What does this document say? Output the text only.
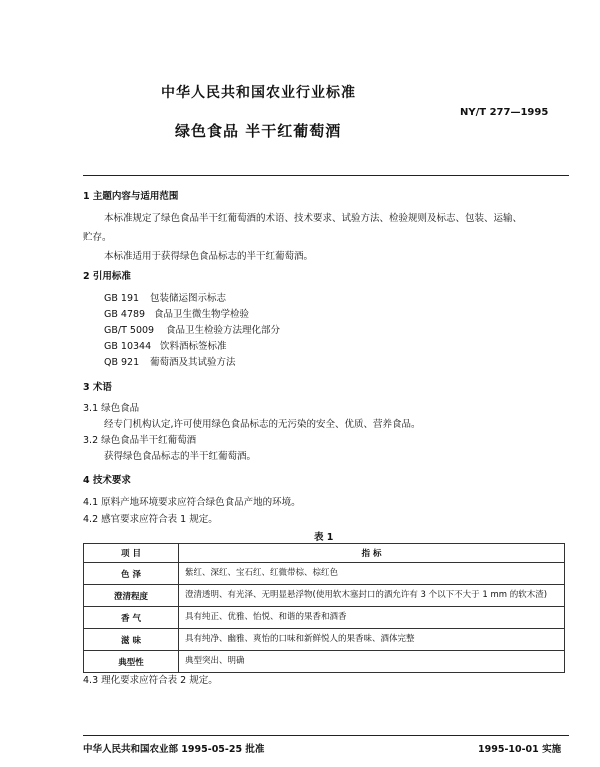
中华人民共和国农业行业标准
NY/T 277—1995
绿色食品 半干红葡萄酒
1 主题内容与适用范围
本标准规定了绿色食品半干红葡萄酒的术语、技术要求、试验方法、检验规则及标志、包装、运输、
贮存。
本标准适用于获得绿色食品标志的半干红葡萄酒。
2 引用标准
GB 191 包装储运图示标志
GB 4789 食品卫生微生物学检验
GB/T 5009 食品卫生检验方法理化部分
GB 10344 饮料酒标签标准
QB 921 葡萄酒及其试验方法
3 术语
3.1 绿色食品
经专门机构认定,许可使用绿色食品标志的无污染的安全、优质、营养食品。
3.2 绿色食品半干红葡萄酒
获得绿色食品标志的半干红葡萄酒。
4 技术要求
4.1 原料产地环境要求应符合绿色食品产地的环境。
4.2 感官要求应符合表 1 规定。
表 1
项 目	指 标
色 泽	紫红、深红、宝石红、红微带棕、棕红色
澄清程度	澄清透明、有光泽、无明显悬浮物(使用软木塞封口的酒允许有 3 个以下不大于 1 mm 的软木渣)
香 气	具有纯正、优雅、怡悦、和谐的果香和酒香
滋 味	具有纯净、幽雅、爽怡的口味和新鲜悦人的果香味、酒体完整
典型性	典型突出、明确
4.3 理化要求应符合表 2 规定。
中华人民共和国农业部 1995-05-25 批准	1995-10-01 实施
